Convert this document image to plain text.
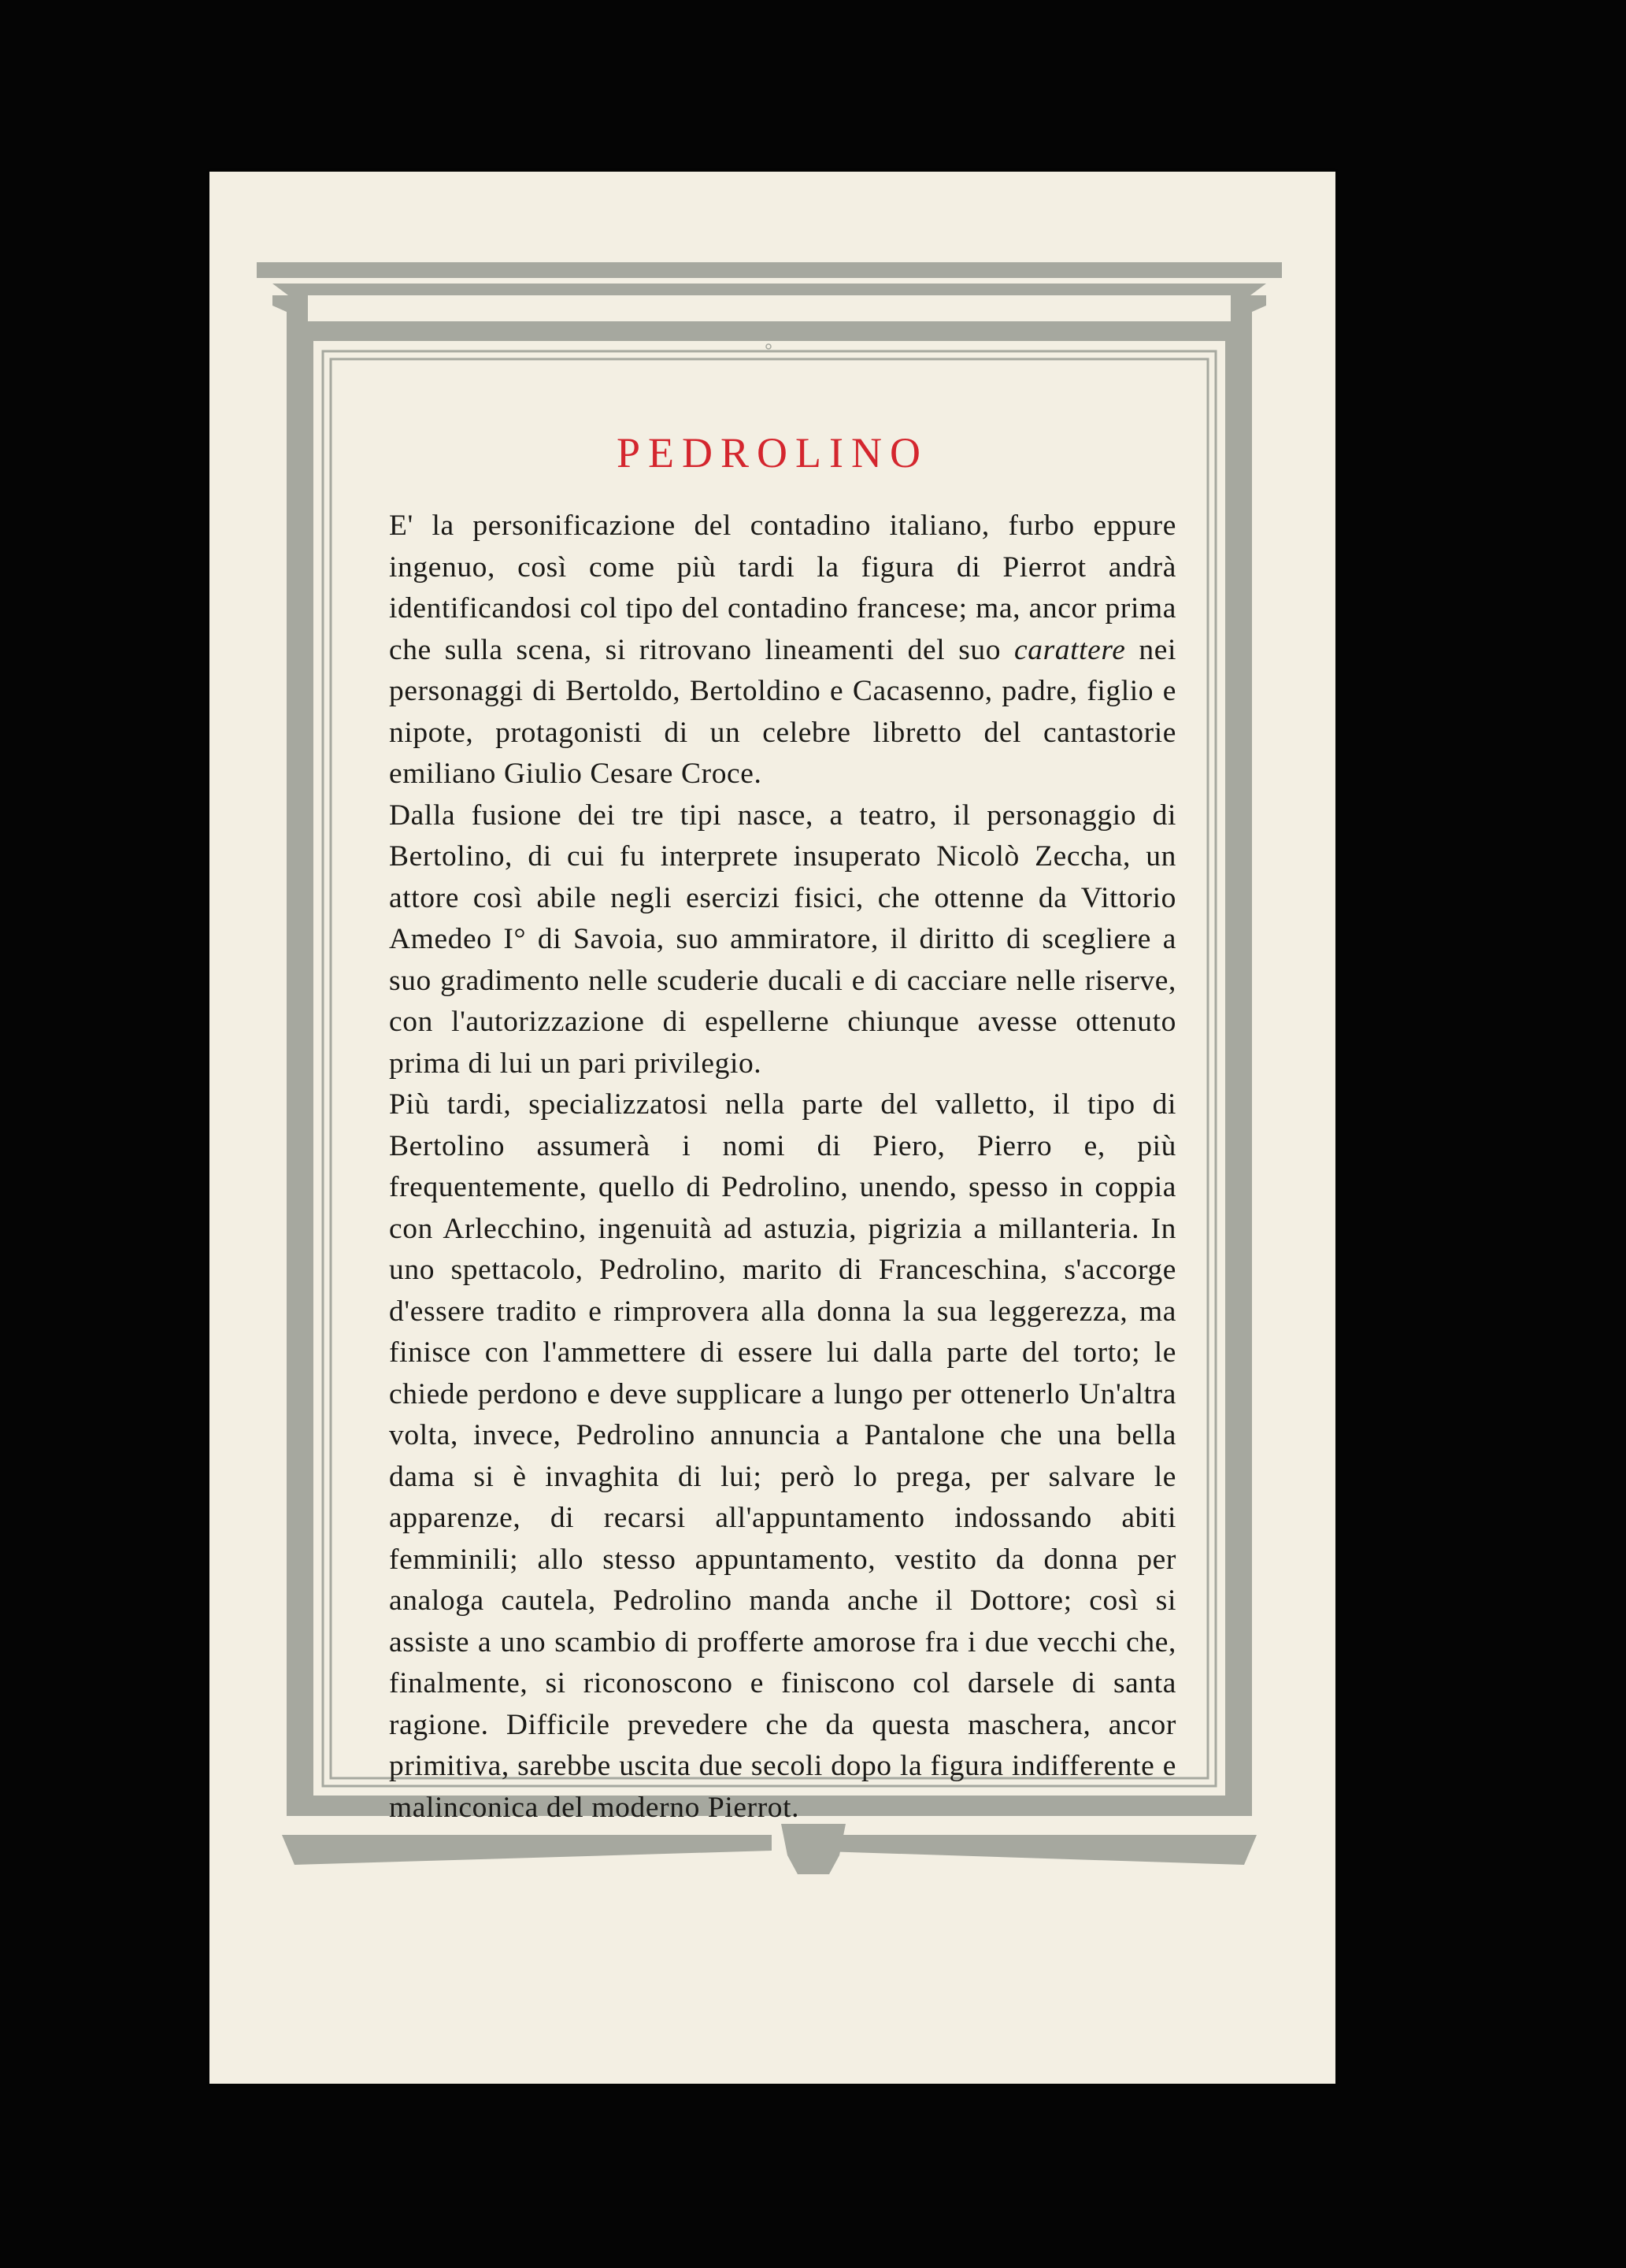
PEDROLINO

E' la personificazione del contadino italiano, furbo eppure ingenuo, così come più tardi la figura di Pierrot andrà identificandosi col tipo del contadino francese; ma, ancor prima che sulla scena, si ritrovano lineamenti del suo carattere nei personaggi di Bertoldo, Bertoldino e Cacasenno, padre, figlio e nipote, protagonisti di un celebre libretto del cantastorie emiliano Giulio Cesare Croce.

Dalla fusione dei tre tipi nasce, a teatro, il personaggio di Bertolino, di cui fu interprete insuperato Nicolò Zeccha, un attore così abile negli esercizi fisici, che ottenne da Vittorio Amedeo I° di Savoia, suo ammiratore, il diritto di scegliere a suo gradimento nelle scuderie ducali e di cacciare nelle riserve, con l'autorizzazione di espellerne chiunque avesse ottenuto prima di lui un pari privilegio.

Più tardi, specializzatosi nella parte del valletto, il tipo di Bertolino assumerà i nomi di Piero, Pierro e, più frequentemente, quello di Pedrolino, unendo, spesso in coppia con Arlecchino, ingenuità ad astuzia, pigrizia a millanteria. In uno spettacolo, Pedrolino, marito di Franceschina, s'accorge d'essere tradito e rimprovera alla donna la sua leggerezza, ma finisce con l'ammettere di essere lui dalla parte del torto; le chiede perdono e deve supplicare a lungo per ottenerlo Un'altra volta, invece, Pedrolino annuncia a Pantalone che una bella dama si è invaghita di lui; però lo prega, per salvare le apparenze, di recarsi all'appuntamento indossando abiti femminili; allo stesso appuntamento, vestito da donna per analoga cautela, Pedrolino manda anche il Dottore; così si assiste a uno scambio di profferte amorose fra i due vecchi che, finalmente, si riconoscono e finiscono col darsele di santa ragione. Difficile prevedere che da questa maschera, ancor primitiva, sarebbe uscita due secoli dopo la figura indifferente e malinconica del moderno Pierrot.
